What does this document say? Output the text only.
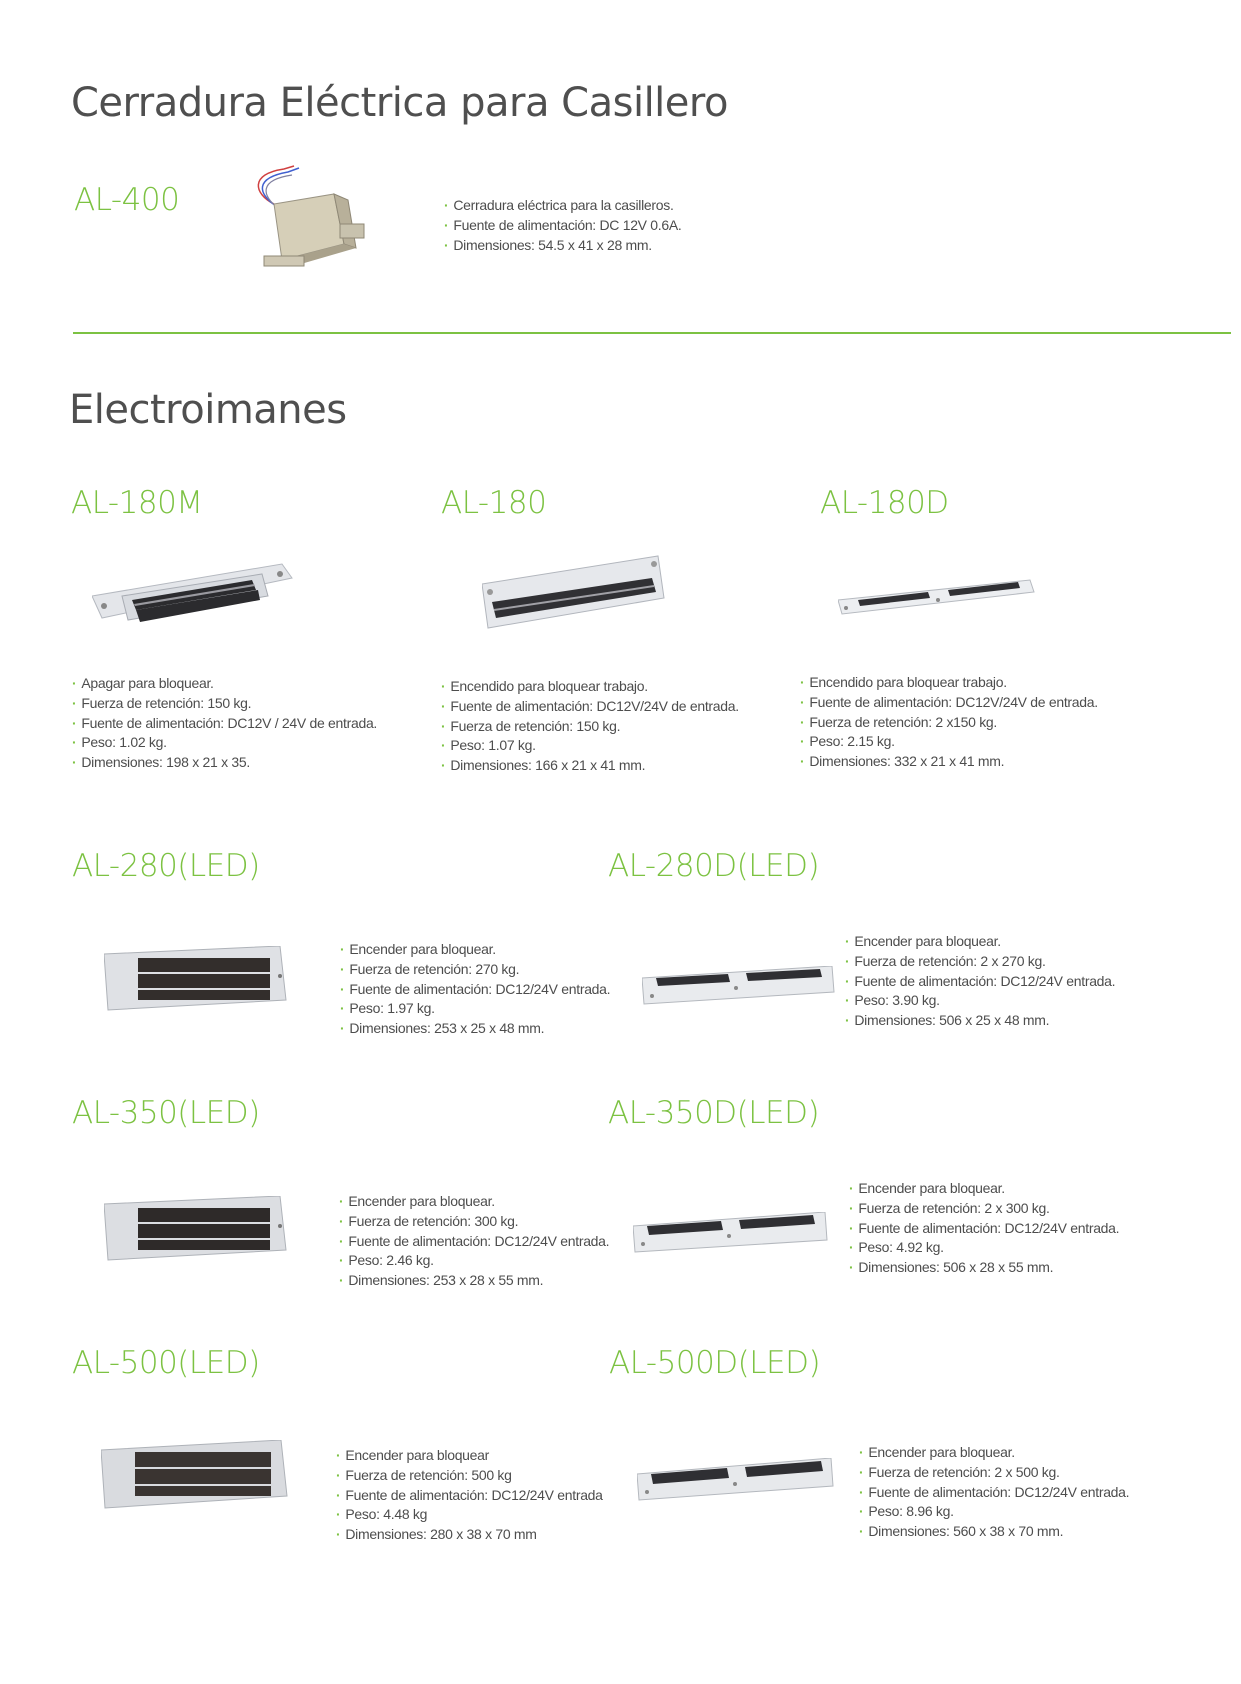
Cerradura Eléctrica para Casillero
AL-400
·	Cerradura eléctrica para la casilleros.
· Fuente de alimentación: DC 12V 0.6A.
· Dimensiones: 54.5 x 41 x 28 mm.
Electroimanes
AL-180M
· Apagar para bloquear.
· Fuerza de retención: 150 kg.
· Fuente de alimentación: DC12V / 24V de entrada.
· Peso: 1.02 kg.
· Dimensiones: 198 x 21 x 35.
AL-180
· Encendido para bloquear trabajo.
· Fuente de alimentación: DC12V/24V de entrada.
· Fuerza de retención: 150 kg.
· Peso: 1.07 kg.
· Dimensiones: 166 x 21 x 41 mm.
AL-180D
· Encendido para bloquear trabajo.
· Fuente de alimentación: DC12V/24V de entrada.
· Fuerza de retención: 2 x150 kg.
· Peso: 2.15 kg.
· Dimensiones: 332 x 21 x 41 mm.
AL-280(LED)
· Encender para bloquear.
· Fuerza de retención: 270 kg.
· Fuente de alimentación: DC12/24V entrada.
· Peso: 1.97 kg.
· Dimensiones: 253 x 25 x 48 mm.
AL-280D(LED)
· Encender para bloquear.
· Fuerza de retención: 2 x 270 kg.
· Fuente de alimentación: DC12/24V entrada.
· Peso: 3.90 kg.
· Dimensiones: 506 x 25 x 48 mm.
AL-350(LED)
· Encender para bloquear.
· Fuerza de retención: 300 kg.
· Fuente de alimentación: DC12/24V entrada.
· Peso: 2.46 kg.
· Dimensiones: 253 x 28 x 55 mm.
AL-350D(LED)
· Encender para bloquear.
· Fuerza de retención: 2 x 300 kg.
· Fuente de alimentación: DC12/24V entrada.
· Peso: 4.92 kg.
· Dimensiones: 506 x 28 x 55 mm.
AL-500(LED)
· Encender para bloquear
· Fuerza de retención: 500 kg
· Fuente de alimentación: DC12/24V entrada
· Peso: 4.48 kg
· Dimensiones: 280 x 38 x 70 mm
AL-500D(LED)
· Encender para bloquear.
· Fuerza de retención: 2 x 500 kg.
· Fuente de alimentación: DC12/24V entrada.
· Peso: 8.96 kg.
· Dimensiones: 560 x 38 x 70 mm.
